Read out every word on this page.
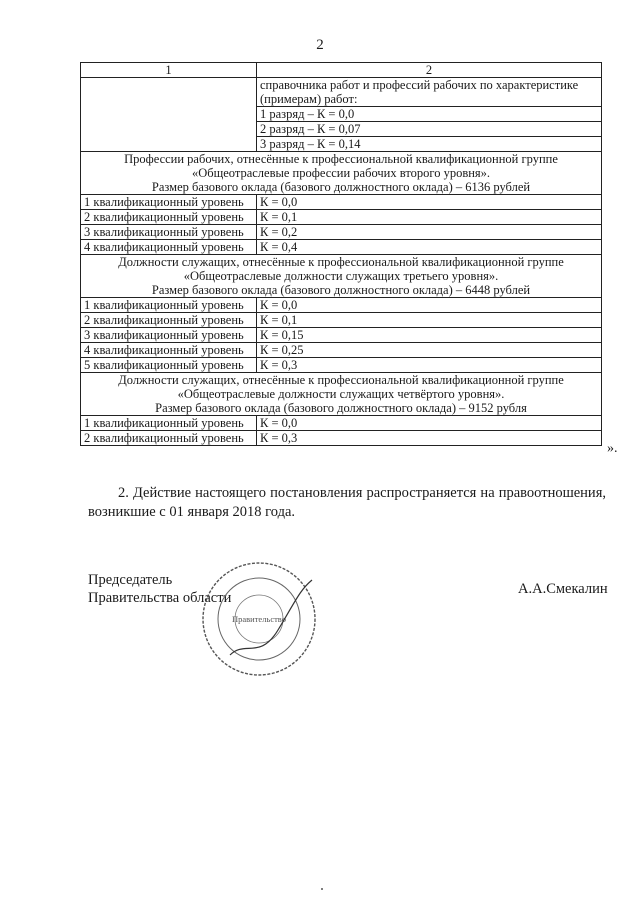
2
1	2
	справочника работ и профессий рабочих по характеристике (примерам) работ:
	1 разряд – К = 0,0
	2 разряд – К = 0,07
	3 разряд – К = 0,14

Профессии рабочих, отнесённые к профессиональной квалификационной группе
«Общеотраслевые профессии рабочих второго уровня».
Размер базового оклада (базового должностного оклада) – 6136 рублей	

1 квалификационный уровень	К = 0,0
2 квалификационный уровень	К = 0,1
3 квалификационный уровень	К = 0,2
4 квалификационный уровень	К = 0,4

Должности служащих, отнесённые к профессиональной квалификационной группе
«Общеотраслевые должности служащих третьего уровня».
Размер базового оклада (базового должностного оклада) – 6448 рублей	

1 квалификационный уровень	К = 0,0
2 квалификационный уровень	К = 0,1
3 квалификационный уровень	К = 0,15
4 квалификационный уровень	К = 0,25
5 квалификационный уровень	К = 0,3

Должности служащих, отнесённые к профессиональной квалификационной группе
«Общеотраслевые должности служащих четвёртого уровня».
Размер базового оклада (базового должностного оклада) – 9152 рубля	

1 квалификационный уровень	К = 0,0
2 квалификационный уровень	К = 0,3
».
2. Действие настоящего постановления распространяется на правоотношения, возникшие с 01 января 2018 года.
Председатель
Правительства области
А.А.Смекалин
Правительство
